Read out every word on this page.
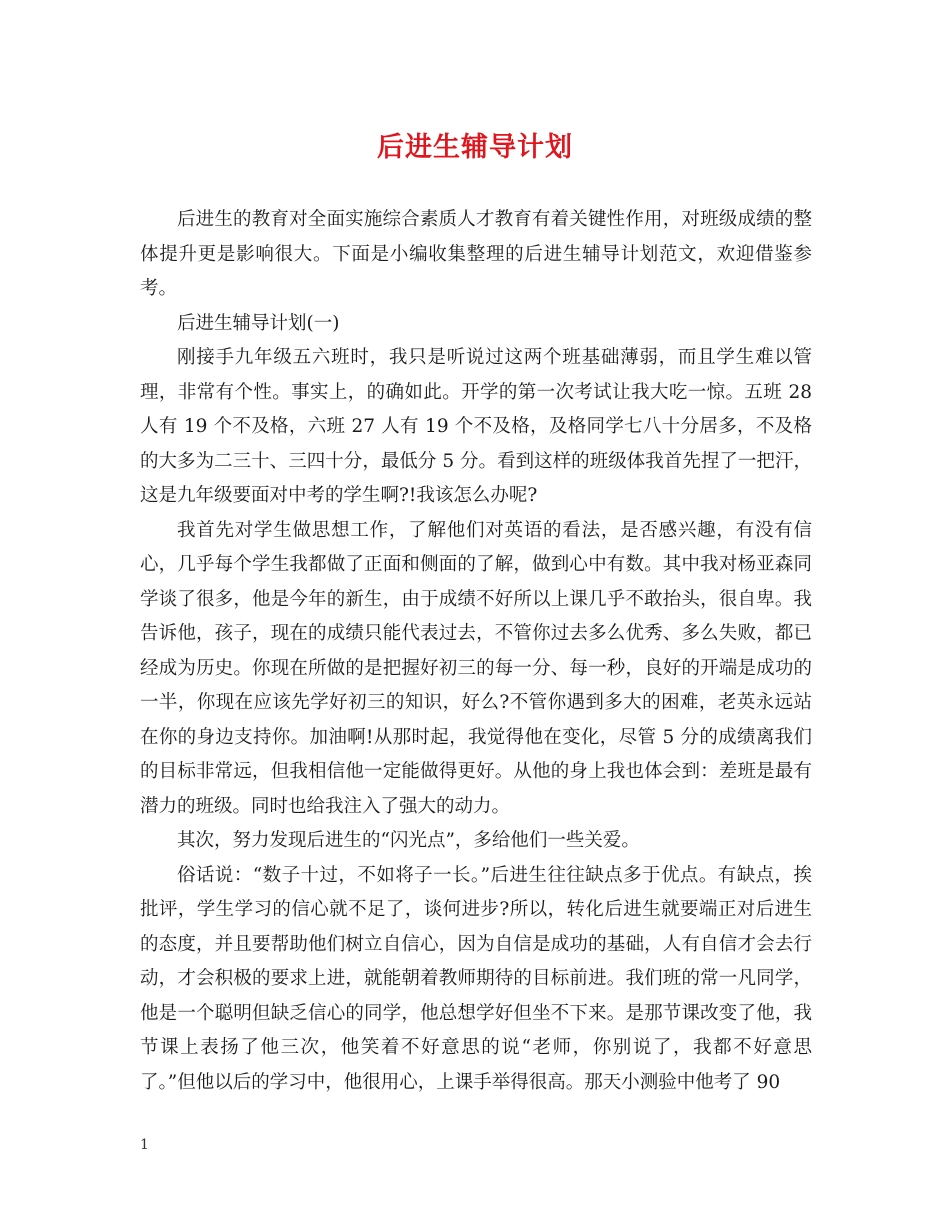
后进生辅导计划

后进生的教育对全面实施综合素质人才教育有着关键性作用，对班级成绩的整体提升更是影响很大。下面是小编收集整理的后进生辅导计划范文，欢迎借鉴参考。

后进生辅导计划(一)

刚接手九年级五六班时，我只是听说过这两个班基础薄弱，而且学生难以管理，非常有个性。事实上，的确如此。开学的第一次考试让我大吃一惊。五班 28 人有 19 个不及格，六班 27 人有 19 个不及格，及格同学七八十分居多，不及格的大多为二三十、三四十分，最低分 5 分。看到这样的班级体我首先捏了一把汗，这是九年级要面对中考的学生啊?!我该怎么办呢?

我首先对学生做思想工作，了解他们对英语的看法，是否感兴趣，有没有信心，几乎每个学生我都做了正面和侧面的了解，做到心中有数。其中我对杨亚森同学谈了很多，他是今年的新生，由于成绩不好所以上课几乎不敢抬头，很自卑。我告诉他，孩子，现在的成绩只能代表过去，不管你过去多么优秀、多么失败，都已经成为历史。你现在所做的是把握好初三的每一分、每一秒，良好的开端是成功的一半，你现在应该先学好初三的知识，好么?不管你遇到多大的困难，老英永远站在你的身边支持你。加油啊!从那时起，我觉得他在变化，尽管 5 分的成绩离我们的目标非常远，但我相信他一定能做得更好。从他的身上我也体会到：差班是最有潜力的班级。同时也给我注入了强大的动力。

其次，努力发现后进生的“闪光点”，多给他们一些关爱。

俗话说：“数子十过，不如将子一长。”后进生往往缺点多于优点。有缺点，挨批评，学生学习的信心就不足了，谈何进步?所以，转化后进生就要端正对后进生的态度，并且要帮助他们树立自信心，因为自信是成功的基础，人有自信才会去行动，才会积极的要求上进，就能朝着教师期待的目标前进。我们班的常一凡同学，他是一个聪明但缺乏信心的同学，他总想学好但坐不下来。是那节课改变了他，我节课上表扬了他三次，他笑着不好意思的说“老师，你别说了，我都不好意思了。”但他以后的学习中，他很用心，上课手举得很高。那天小测验中他考了 90

1
